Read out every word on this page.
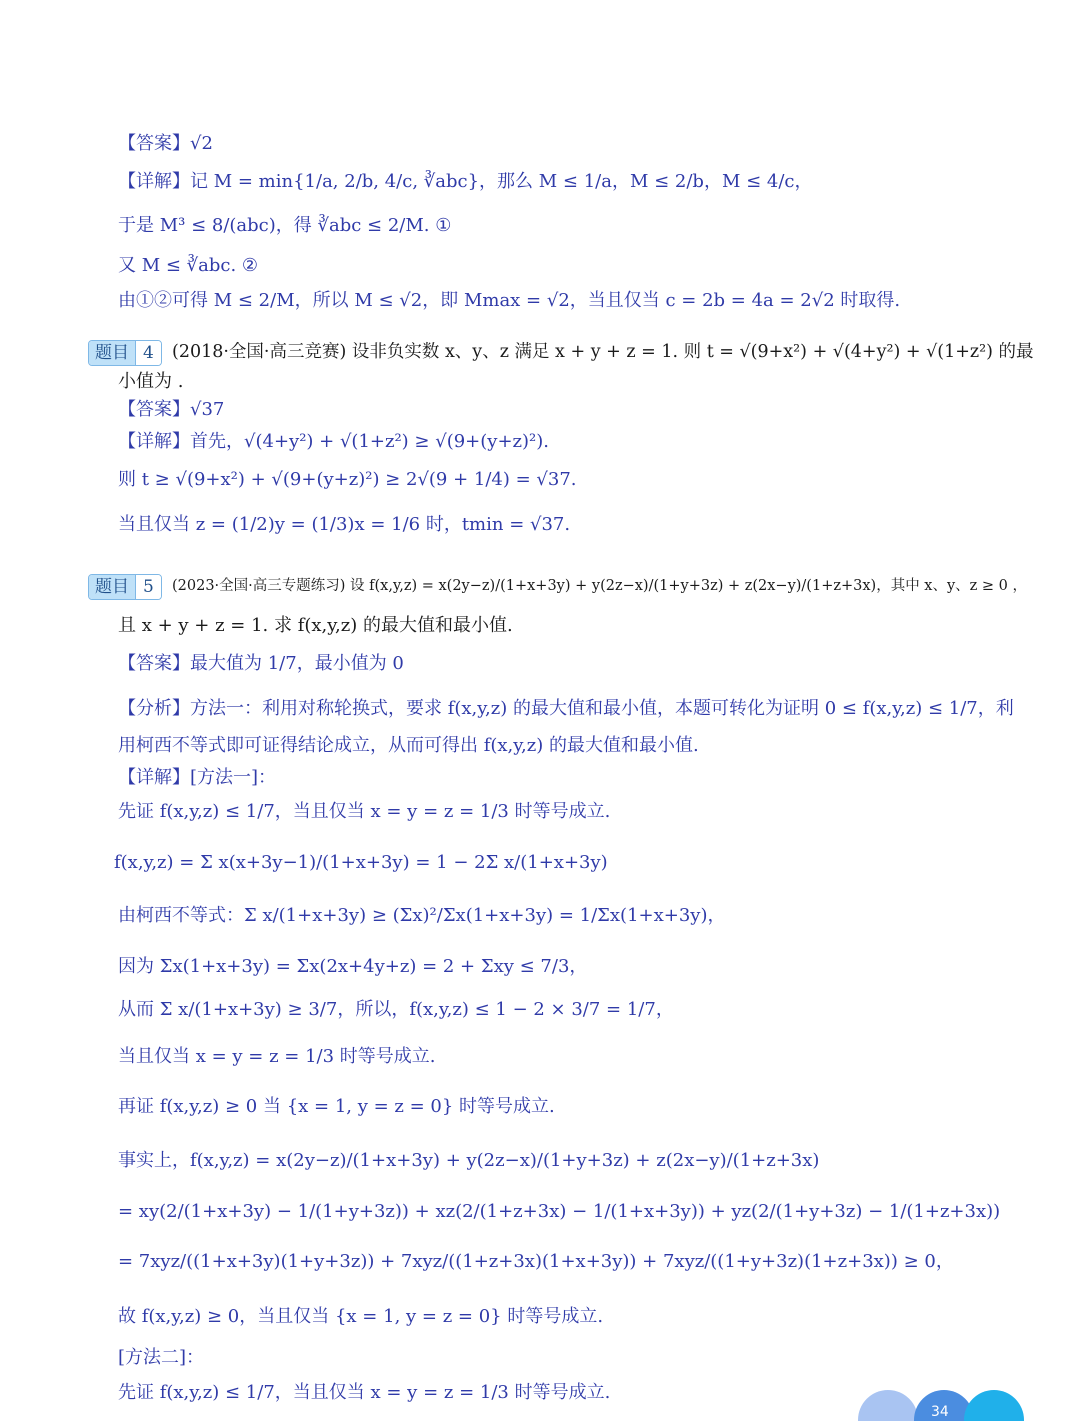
【答案】√2
【详解】记 M = min{1/a, 2/b, 4/c, ∛abc}，那么 M ≤ 1/a，M ≤ 2/b，M ≤ 4/c，
于是 M³ ≤ 8/(abc)，得 ∛abc ≤ 2/M. ①
又 M ≤ ∛abc. ②
由①②可得 M ≤ 2/M，所以 M ≤ √2，即 Mmax = √2，当且仅当 c = 2b = 4a = 2√2 时取得.
(2018·全国·高三竞赛) 设非负实数 x、y、z 满足 x + y + z = 1. 则 t = √(9+x²) + √(4+y²) + √(1+z²) 的最
小值为 .
【答案】√37
【详解】首先，√(4+y²) + √(1+z²) ≥ √(9+(y+z)²).
则 t ≥ √(9+x²) + √(9+(y+z)²) ≥ 2√(9 + 1/4) = √37.
当且仅当 z = (1/2)y = (1/3)x = 1/6 时，tmin = √37.
(2023·全国·高三专题练习) 设 f(x,y,z) = x(2y−z)/(1+x+3y) + y(2z−x)/(1+y+3z) + z(2x−y)/(1+z+3x)，其中 x、y、z ≥ 0 ，
且 x + y + z = 1. 求 f(x,y,z) 的最大值和最小值.
【答案】最大值为 1/7，最小值为 0
【分析】方法一：利用对称轮换式，要求 f(x,y,z) 的最大值和最小值，本题可转化为证明 0 ≤ f(x,y,z) ≤ 1/7，利
用柯西不等式即可证得结论成立，从而可得出 f(x,y,z) 的最大值和最小值.
【详解】[方法一]：
先证 f(x,y,z) ≤ 1/7，当且仅当 x = y = z = 1/3 时等号成立.
f(x,y,z) = Σ x(x+3y−1)/(1+x+3y) = 1 − 2Σ x/(1+x+3y)
由柯西不等式：Σ x/(1+x+3y) ≥ (Σx)²/Σx(1+x+3y) = 1/Σx(1+x+3y)，
因为 Σx(1+x+3y) = Σx(2x+4y+z) = 2 + Σxy ≤ 7/3，
从而 Σ x/(1+x+3y) ≥ 3/7，所以，f(x,y,z) ≤ 1 − 2 × 3/7 = 1/7，
当且仅当 x = y = z = 1/3 时等号成立.
再证 f(x,y,z) ≥ 0 当 {x = 1, y = z = 0} 时等号成立.
事实上，f(x,y,z) = x(2y−z)/(1+x+3y) + y(2z−x)/(1+y+3z) + z(2x−y)/(1+z+3x)
= xy(2/(1+x+3y) − 1/(1+y+3z)) + xz(2/(1+z+3x) − 1/(1+x+3y)) + yz(2/(1+y+3z) − 1/(1+z+3x))
= 7xyz/((1+x+3y)(1+y+3z)) + 7xyz/((1+z+3x)(1+x+3y)) + 7xyz/((1+y+3z)(1+z+3x)) ≥ 0，
故 f(x,y,z) ≥ 0，当且仅当 {x = 1, y = z = 0} 时等号成立.
[方法二]：
先证 f(x,y,z) ≤ 1/7，当且仅当 x = y = z = 1/3 时等号成立.
题目 4
题目 5
34
